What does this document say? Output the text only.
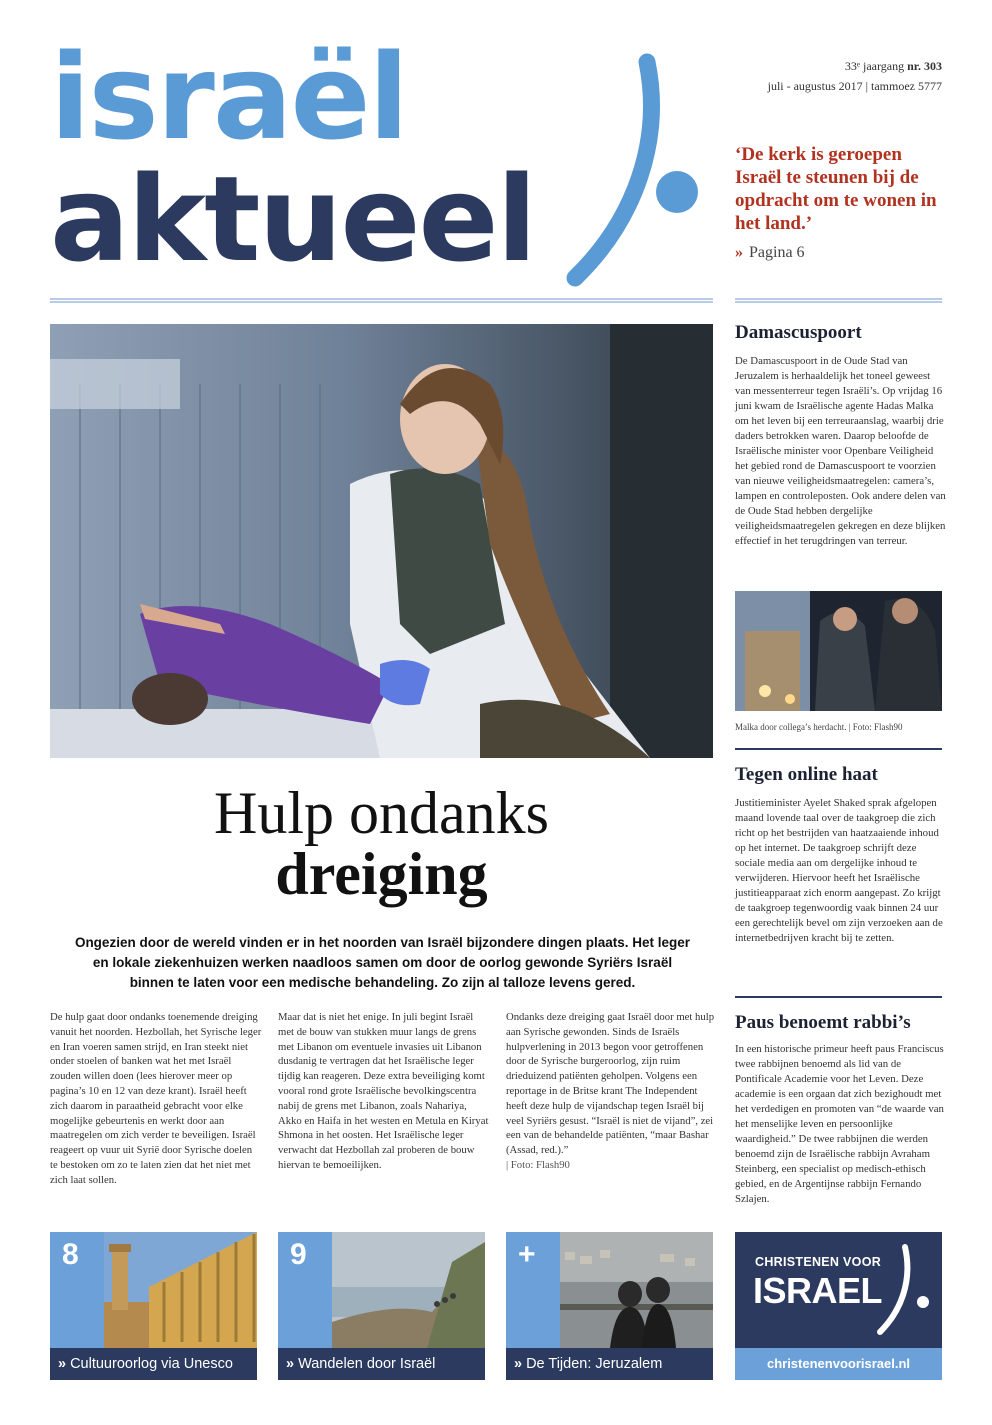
israël
aktueel
33ᵉ jaargang nr. 303
juli - augustus 2017 | tammoez 5777
‘De kerk is geroepen Israël te steunen bij de opdracht om te wonen in het land.’
» Pagina 6
Hulp ondanks
dreiging
Ongezien door de wereld vinden er in het noorden van Israël bijzondere dingen plaats. Het leger en lokale ziekenhuizen werken naadloos samen om door de oorlog gewonde Syriërs Israël binnen te laten voor een medische behandeling. Zo zijn al talloze levens gered.
De hulp gaat door ondanks toenemende dreiging vanuit het noorden. Hezbollah, het Syrische leger en Iran voeren samen strijd, en Iran steekt niet onder stoelen of banken wat het met Israël zouden willen doen (lees hierover meer op pagina’s 10 en 12 van deze krant). Israël heeft zich daarom in paraatheid gebracht voor elke mogelijke gebeurtenis en werkt door aan maatregelen om zich verder te beveiligen. Israël reageert op vuur uit Syrië door Syrische doelen te bestoken om zo te laten zien dat het niet met zich laat sollen.
Maar dat is niet het enige. In juli begint Israël met de bouw van stukken muur langs de grens met Libanon om eventuele invasies uit Libanon dusdanig te vertragen dat het Israëlische leger tijdig kan reageren. Deze extra beveiliging komt vooral rond grote Israëlische bevolkingscentra nabij de grens met Libanon, zoals Nahariya, Akko en Haifa in het westen en Metula en Kiryat Shmona in het oosten. Het Israëlische leger verwacht dat Hezbollah zal proberen de bouw hiervan te bemoeilijken.
Ondanks deze dreiging gaat Israël door met hulp aan Syrische gewonden. Sinds de Israëls hulpverlening in 2013 begon voor getroffenen door de Syrische burgeroorlog, zijn ruim drieduizend patiënten geholpen. Volgens een reportage in de Britse krant The Independent heeft deze hulp de vijandschap tegen Israël bij veel Syriërs gesust. “Israël is niet de vijand”, zei een van de behandelde patiënten, “maar Bashar (Assad, red.).”
| Foto: Flash90
Damascuspoort
De Damascuspoort in de Oude Stad van Jeruzalem is herhaaldelijk het toneel geweest van messenterreur tegen Israëli’s. Op vrijdag 16 juni kwam de Israëlische agente Hadas Malka om het leven bij een terreuraanslag, waarbij drie daders betrokken waren. Daarop beloofde de Israëlische minister voor Openbare Veiligheid het gebied rond de Damascuspoort te voorzien van nieuwe veiligheidsmaatregelen: camera’s, lampen en controleposten. Ook andere delen van de Oude Stad hebben dergelijke veiligheidsmaatregelen gekregen en deze blijken effectief in het terugdringen van terreur.
Malka door collega’s herdacht. | Foto: Flash90
Tegen online haat
Justitieminister Ayelet Shaked sprak afgelopen maand lovende taal over de taakgroep die zich richt op het bestrijden van haatzaaiende inhoud op het internet. De taakgroep schrijft deze sociale media aan om dergelijke inhoud te verwijderen. Hiervoor heeft het Israëlische justitieapparaat zich enorm aangepast. Zo krijgt de taakgroep tegenwoordig vaak binnen 24 uur een gerechtelijk bevel om zijn verzoeken aan de internetbedrijven kracht bij te zetten.
Paus benoemt rabbi’s
In een historische primeur heeft paus Franciscus twee rabbijnen benoemd als lid van de Pontificale Academie voor het Leven. Deze academie is een orgaan dat zich bezighoudt met het verdedigen en promoten van “de waarde van het menselijke leven en persoonlijke waardigheid.” De twee rabbijnen die werden benoemd zijn de Israëlische rabbijn Avraham Steinberg, een specialist op medisch-ethisch gebied, en de Argentijnse rabbijn Fernando Szlajen.
8
» Cultuuroorlog via Unesco
9
» Wandelen door Israël
+
» De Tijden: Jeruzalem
CHRISTENEN VOOR
ISRAEL
christenenvoorisrael.nl
